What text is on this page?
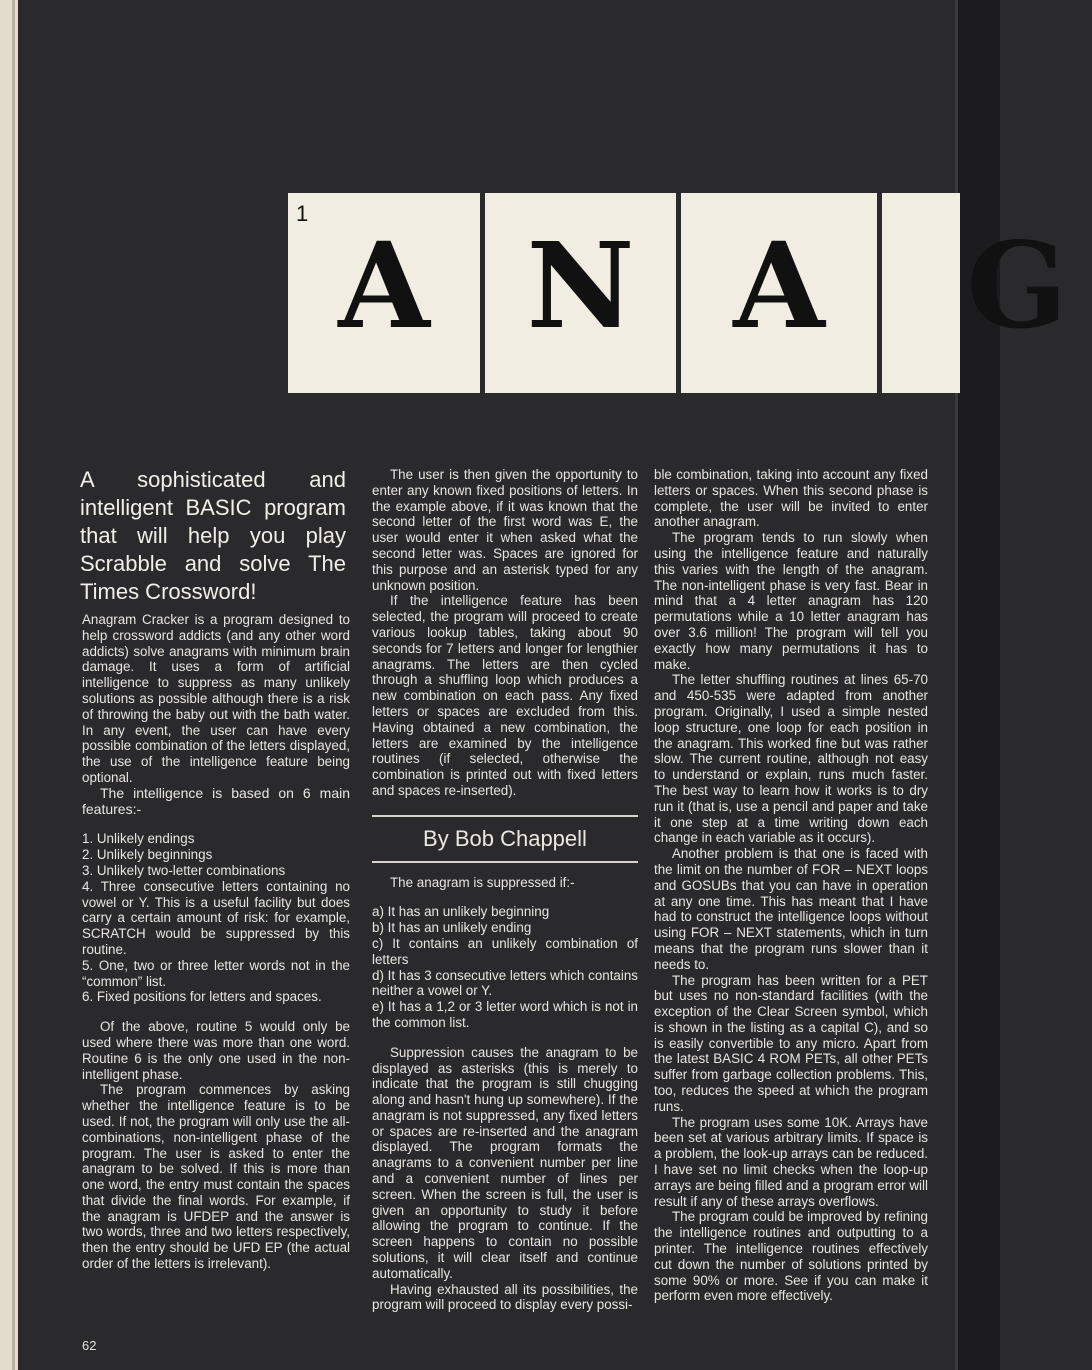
1
A N A	G
A sophisticated and intelligent BASIC program that will help you play Scrabble and solve The Times Crossword!

Anagram Cracker is a program designed to help crossword addicts (and any other word addicts) solve anagrams with minimum brain damage. It uses a form of artificial intelligence to suppress as many unlikely solutions as possible although there is a risk of throwing the baby out with the bath water. In any event, the user can have every possible combination of the letters displayed, the use of the intelligence feature being optional.

The intelligence is based on 6 main features:-

1. Unlikely endings

2. Unlikely beginnings

3. Unlikely two-letter combinations

4. Three consecutive letters containing no vowel or Y. This is a useful facility but does carry a certain amount of risk: for example, SCRATCH would be suppressed by this routine.

5. One, two or three letter words not in the “common” list.

6. Fixed positions for letters and spaces.

Of the above, routine 5 would only be used where there was more than one word. Routine 6 is the only one used in the non-intelligent phase.

The program commences by asking whether the intelligence feature is to be used. If not, the program will only use the all-combinations, non-intelligent phase of the program. The user is asked to enter the anagram to be solved. If this is more than one word, the entry must contain the spaces that divide the final words. For example, if the anagram is UFDEP and the answer is two words, three and two letters respectively, then the entry should be UFD EP (the actual order of the letters is irrelevant).

The user is then given the opportunity to enter any known fixed positions of letters. In the example above, if it was known that the second letter of the first word was E, the user would enter it when asked what the second letter was. Spaces are ignored for this purpose and an asterisk typed for any unknown position.

If the intelligence feature has been selected, the program will proceed to create various lookup tables, taking about 90 seconds for 7 letters and longer for lengthier anagrams. The letters are then cycled through a shuffling loop which produces a new combination on each pass. Any fixed letters or spaces are excluded from this. Having obtained a new combination, the letters are examined by the intelligence routines (if selected, otherwise the combination is printed out with fixed letters and spaces re-inserted).

By Bob Chappell

The anagram is suppressed if:-

a) It has an unlikely beginning

b) It has an unlikely ending

c) It contains an unlikely combination of letters

d) It has 3 consecutive letters which contains neither a vowel or Y.

e) It has a 1,2 or 3 letter word which is not in the common list.

Suppression causes the anagram to be displayed as asterisks (this is merely to indicate that the program is still chugging along and hasn't hung up somewhere). If the anagram is not suppressed, any fixed letters or spaces are re-inserted and the anagram displayed. The program formats the anagrams to a convenient number per line and a convenient number of lines per screen. When the screen is full, the user is given an opportunity to study it before allowing the program to continue. If the screen happens to contain no possible solutions, it will clear itself and continue automatically.

Having exhausted all its possibilities, the program will proceed to display every possi-

ble combination, taking into account any fixed letters or spaces. When this second phase is complete, the user will be invited to enter another anagram.

The program tends to run slowly when using the intelligence feature and naturally this varies with the length of the anagram. The non-intelligent phase is very fast. Bear in mind that a 4 letter anagram has 120 permutations while a 10 letter anagram has over 3.6 million! The program will tell you exactly how many permutations it has to make.

The letter shuffling routines at lines 65-70 and 450-535 were adapted from another program. Originally, I used a simple nested loop structure, one loop for each position in the anagram. This worked fine but was rather slow. The current routine, although not easy to understand or explain, runs much faster. The best way to learn how it works is to dry run it (that is, use a pencil and paper and take it one step at a time writing down each change in each variable as it occurs).

Another problem is that one is faced with the limit on the number of FOR – NEXT loops and GOSUBs that you can have in operation at any one time. This has meant that I have had to construct the intelligence loops without using FOR – NEXT statements, which in turn means that the program runs slower than it needs to.

The program has been written for a PET but uses no non-standard facilities (with the exception of the Clear Screen symbol, which is shown in the listing as a capital C), and so is easily convertible to any micro. Apart from the latest BASIC 4 ROM PETs, all other PETs suffer from garbage collection problems. This, too, reduces the speed at which the program runs.

The program uses some 10K. Arrays have been set at various arbitrary limits. If space is a problem, the look-up arrays can be reduced. I have set no limit checks when the loop-up arrays are being filled and a program error will result if any of these arrays overflows.

The program could be improved by refining the intelligence routines and outputting to a printer. The intelligence routines effectively cut down the number of solutions printed by some 90% or more. See if you can make it perform even more effectively.

62
